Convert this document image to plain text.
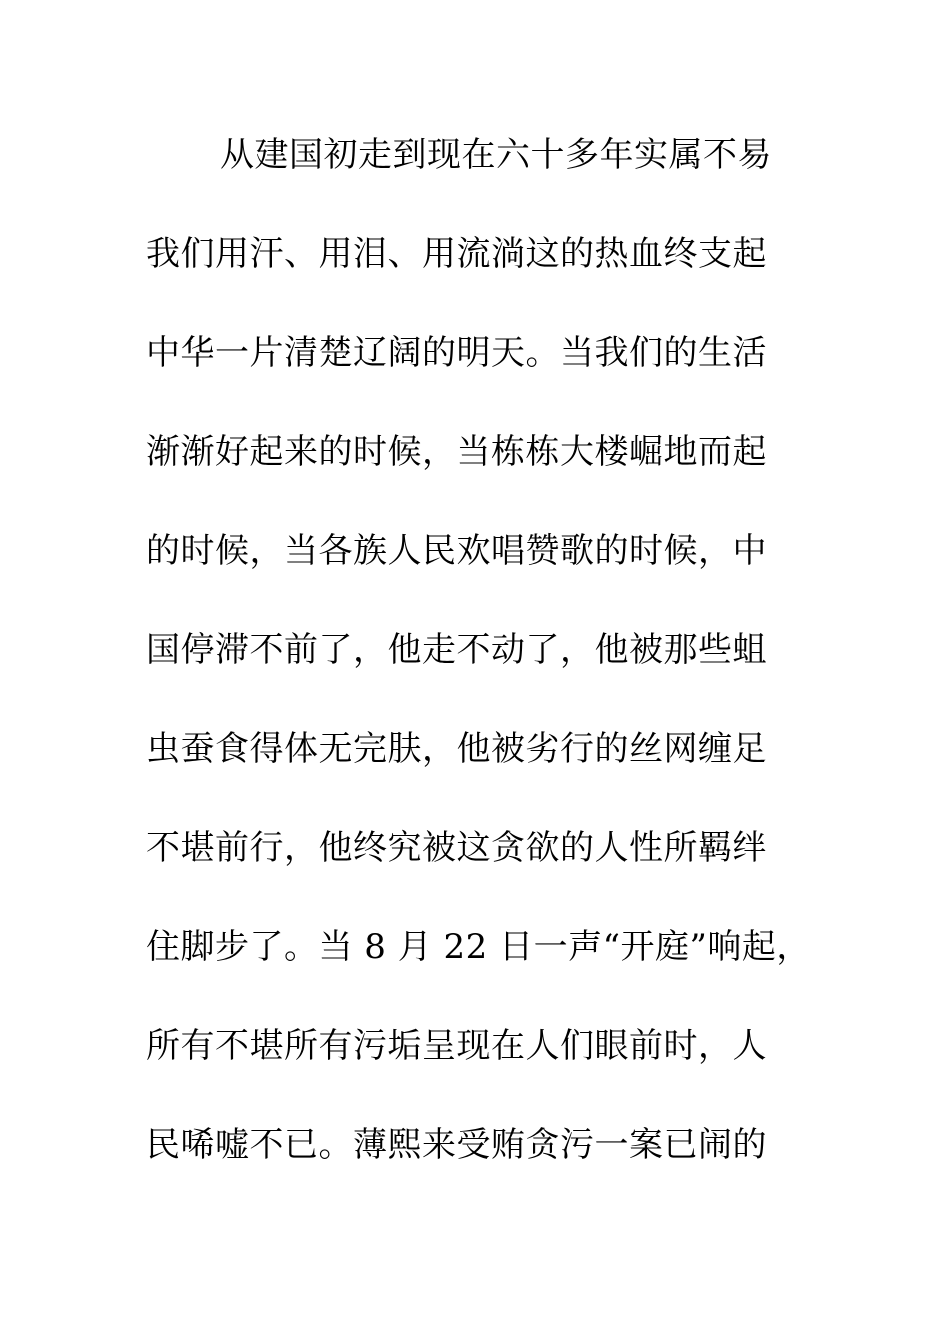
从建国初走到现在六十多年实属不易
我们用汗、用泪、用流淌这的热血终支起
中华一片清楚辽阔的明天。当我们的生活
渐渐好起来的时候，当栋栋大楼崛地而起
的时候，当各族人民欢唱赞歌的时候，中
国停滞不前了，他走不动了，他被那些蛆
虫蚕食得体无完肤，他被劣行的丝网缠足
不堪前行，他终究被这贪欲的人性所羁绊
住脚步了。当 8 月 22 日一声“开庭”响起，
所有不堪所有污垢呈现在人们眼前时，人
民唏嘘不已。薄熙来受贿贪污一案已闹的
